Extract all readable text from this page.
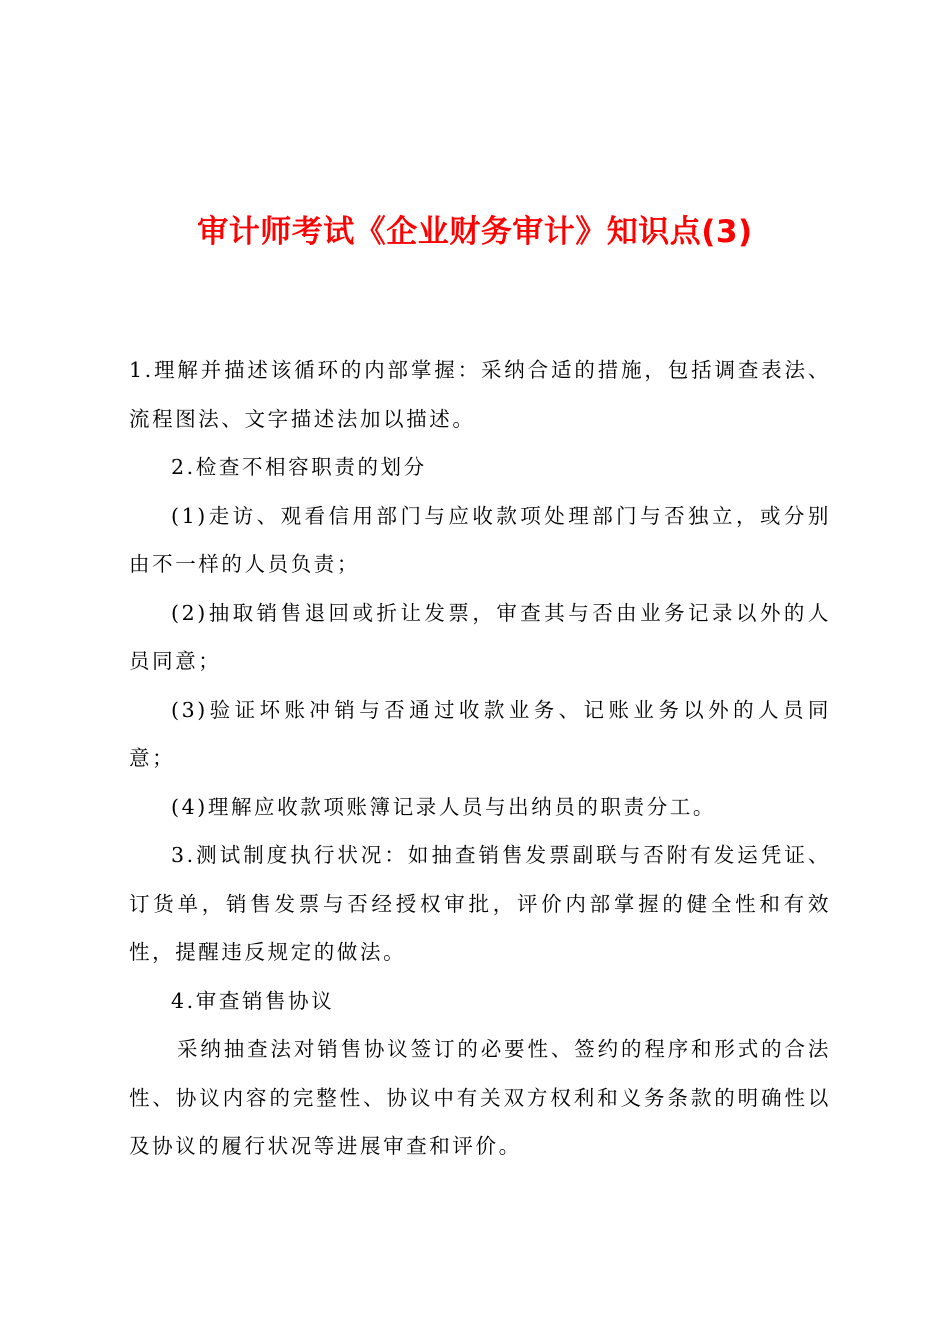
审计师考试《企业财务审计》知识点(3)

1.理解并描述该循环的内部掌握：采纳合适的措施，包括调查表法、流程图法、文字描述法加以描述。

2.检查不相容职责的划分

(1)走访、观看信用部门与应收款项处理部门与否独立，或分别由不一样的人员负责；

(2)抽取销售退回或折让发票，审查其与否由业务记录以外的人员同意；

(3)验证坏账冲销与否通过收款业务、记账业务以外的人员同意；

(4)理解应收款项账簿记录人员与出纳员的职责分工。

3.测试制度执行状况：如抽查销售发票副联与否附有发运凭证、订货单，销售发票与否经授权审批，评价内部掌握的健全性和有效性，提醒违反规定的做法。

4.审查销售协议

采纳抽查法对销售协议签订的必要性、签约的程序和形式的合法性、协议内容的完整性、协议中有关双方权利和义务条款的明确性以及协议的履行状况等进展审查和评价。
